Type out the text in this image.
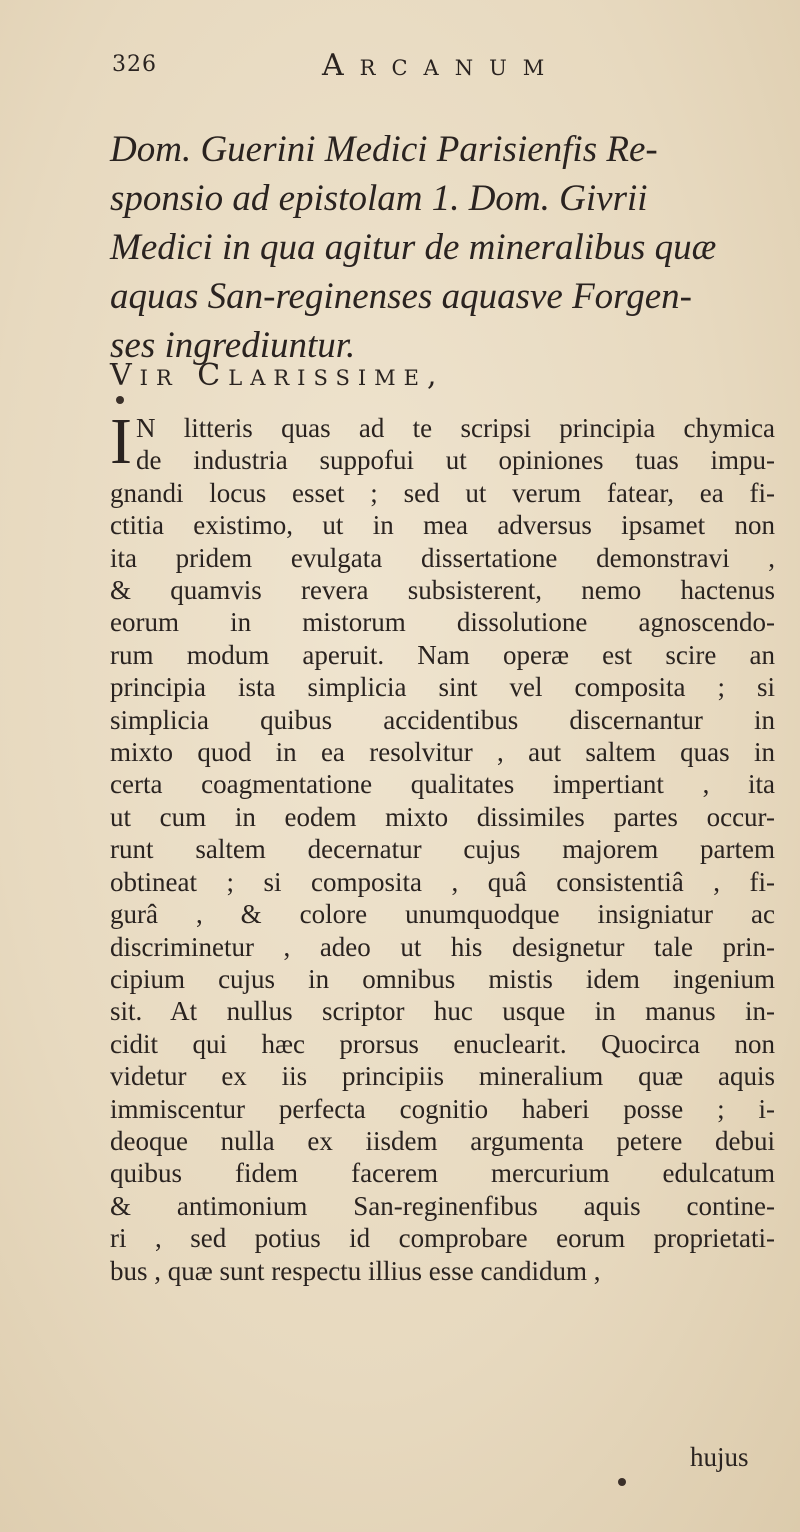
326	Arcanum
Dom. Guerini Medici Parisienfis Re-
sponsio ad epistolam 1. Dom. Givrii
Medici in qua agitur de mineralibus quæ
aquas San-reginenses aquasve Forgen-
ses ingrediuntur.
Vir Clarissime,
I N litteris quas ad te scripsi principia chymica
de industria suppofui ut opiniones tuas impu-
gnandi locus esset ; sed ut verum fatear, ea fi-
ctitia existimo, ut in mea adversus ipsamet non
ita pridem evulgata dissertatione demonstravi ,
& quamvis revera subsisterent, nemo hactenus
eorum in mistorum dissolutione agnoscendo-
rum modum aperuit. Nam operæ est scire an
principia ista simplicia sint vel composita ; si
simplicia quibus accidentibus discernantur in
mixto quod in ea resolvitur , aut saltem quas in
certa coagmentatione qualitates impertiant , ita
ut cum in eodem mixto dissimiles partes occur-
runt saltem decernatur cujus majorem partem
obtineat ; si composita , quâ consistentiâ , fi-
gurâ , & colore unumquodque insigniatur ac
discriminetur , adeo ut his designetur tale prin-
cipium cujus in omnibus mistis idem ingenium
sit. At nullus scriptor huc usque in manus in-
cidit qui hæc prorsus enuclearit. Quocirca non
videtur ex iis principiis mineralium quæ aquis
immiscentur perfecta cognitio haberi posse ; i-
deoque nulla ex iisdem argumenta petere debui
quibus fidem facerem mercurium edulcatum
& antimonium San-reginenfibus aquis contine-
ri , sed potius id comprobare eorum proprietati-
bus , quæ sunt respectu illius esse candidum ,
hujus
